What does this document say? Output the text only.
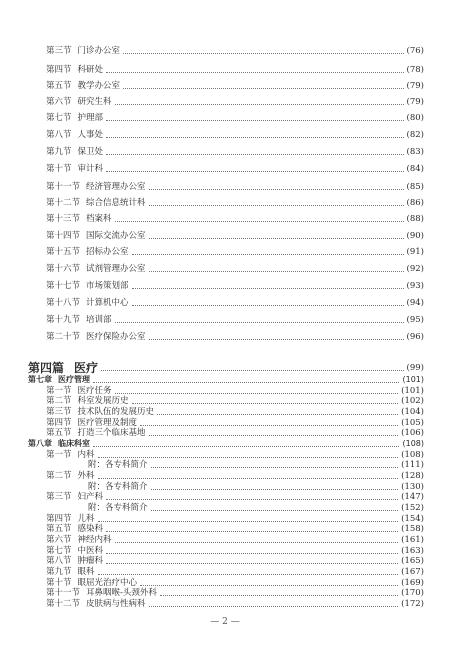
第三节 门诊办公室	(76)
第四节 科研处	(78)
第五节 教学办公室	(79)
第六节 研究生科	(79)
第七节 护理部	(80)
第八节 人事处	(82)
第九节 保卫处	(83)
第十节 审计科	(84)
第十一节 经济管理办公室	(85)
第十二节 综合信息统计科	(86)
第十三节 档案科	(88)
第十四节 国际交流办公室	(90)
第十五节 招标办公室	(91)
第十六节 试剂管理办公室	(92)
第十七节 市场策划部	(93)
第十八节 计算机中心	(94)
第十九节 培训部	(95)
第二十节 医疗保险办公室	(96)
第四篇 医疗	(99)
第七章 医疗管理	(101)
第一节 医疗任务	(101)
第二节 科室发展历史	(102)
第三节 技术队伍的发展历史	(104)
第四节 医疗管理及制度	(105)
第五节 打造三个临床基地	(106)
第八章 临床科室	(108)
第一节 内科	(108)
附：各专科简介	(111)
第二节 外科	(128)
附：各专科简介	(130)
第三节 妇产科	(147)
附：各专科简介	(152)
第四节 儿科	(154)
第五节 感染科	(158)
第六节 神经内科	(161)
第七节 中医科	(163)
第八节 肿瘤科	(165)
第九节 眼科	(167)
第十节 眼屈光治疗中心	(169)
第十一节 耳鼻咽喉-头颈外科	(170)
第十二节 皮肤病与性病科	(172)
— 2 —
